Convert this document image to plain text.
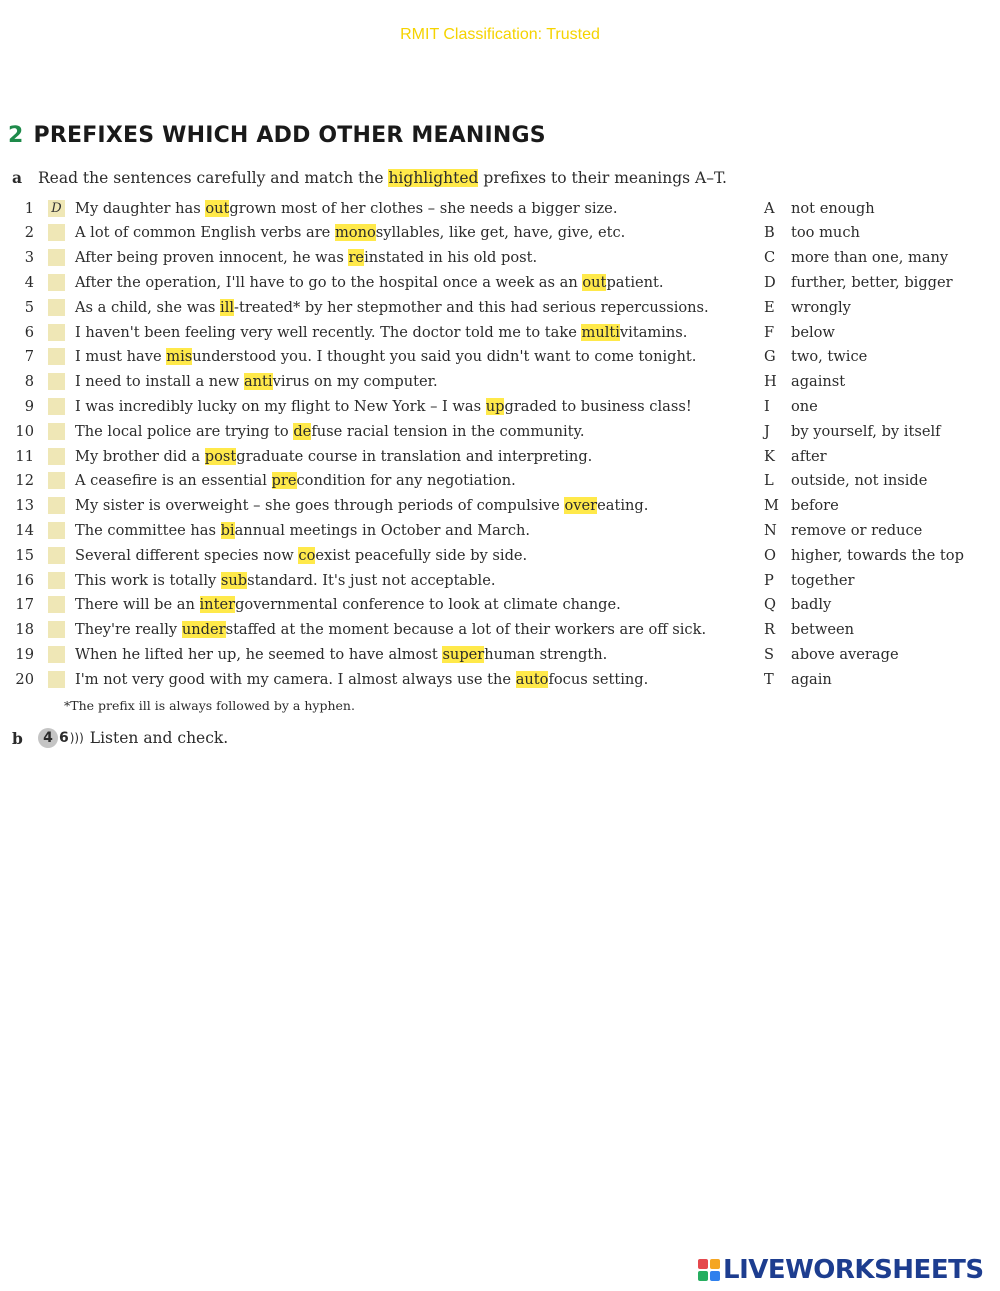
RMIT Classification: Trusted
2 PREFIXES WHICH ADD OTHER MEANINGS
a Read the sentences carefully and match the highlighted prefixes to their meanings A–T.
1	D My daughter has outgrown most of her clothes – she needs a bigger size.
2	A lot of common English verbs are monosyllables, like get, have, give, etc.
3	After being proven innocent, he was reinstated in his old post.
4	After the operation, I'll have to go to the hospital once a week as an outpatient.
5	As a child, she was ill-treated* by her stepmother and this had serious repercussions.
6	I haven't been feeling very well recently. The doctor told me to take multivitamins.
7	I must have misunderstood you. I thought you said you didn't want to come tonight.
8	I need to install a new antivirus on my computer.
9	I was incredibly lucky on my flight to New York – I was upgraded to business class!
10	The local police are trying to defuse racial tension in the community.
11	My brother did a postgraduate course in translation and interpreting.
12	A ceasefire is an essential precondition for any negotiation.
13	My sister is overweight – she goes through periods of compulsive overeating.
14	The committee has biannual meetings in October and March.
15	Several different species now coexist peacefully side by side.
16	This work is totally substandard. It's just not acceptable.
17	There will be an intergovernmental conference to look at climate change.
18	They're really understaffed at the moment because a lot of their workers are off sick.
19	When he lifted her up, he seemed to have almost superhuman strength.
20	I'm not very good with my camera. I almost always use the autofocus setting.
A	not enough
B	too much
C	more than one, many
D	further, better, bigger
E	wrongly
F	below
G	two, twice
H against
I	one
J	by yourself, by itself
K	after
L	outside, not inside
M before
N remove or reduce
O	higher, towards the top
P	together
Q	badly
R	between
S	above average
T	again
*The prefix ill is always followed by a hyphen.
b	4 6 ))) Listen and check.
LIVEWORKSHEETS
